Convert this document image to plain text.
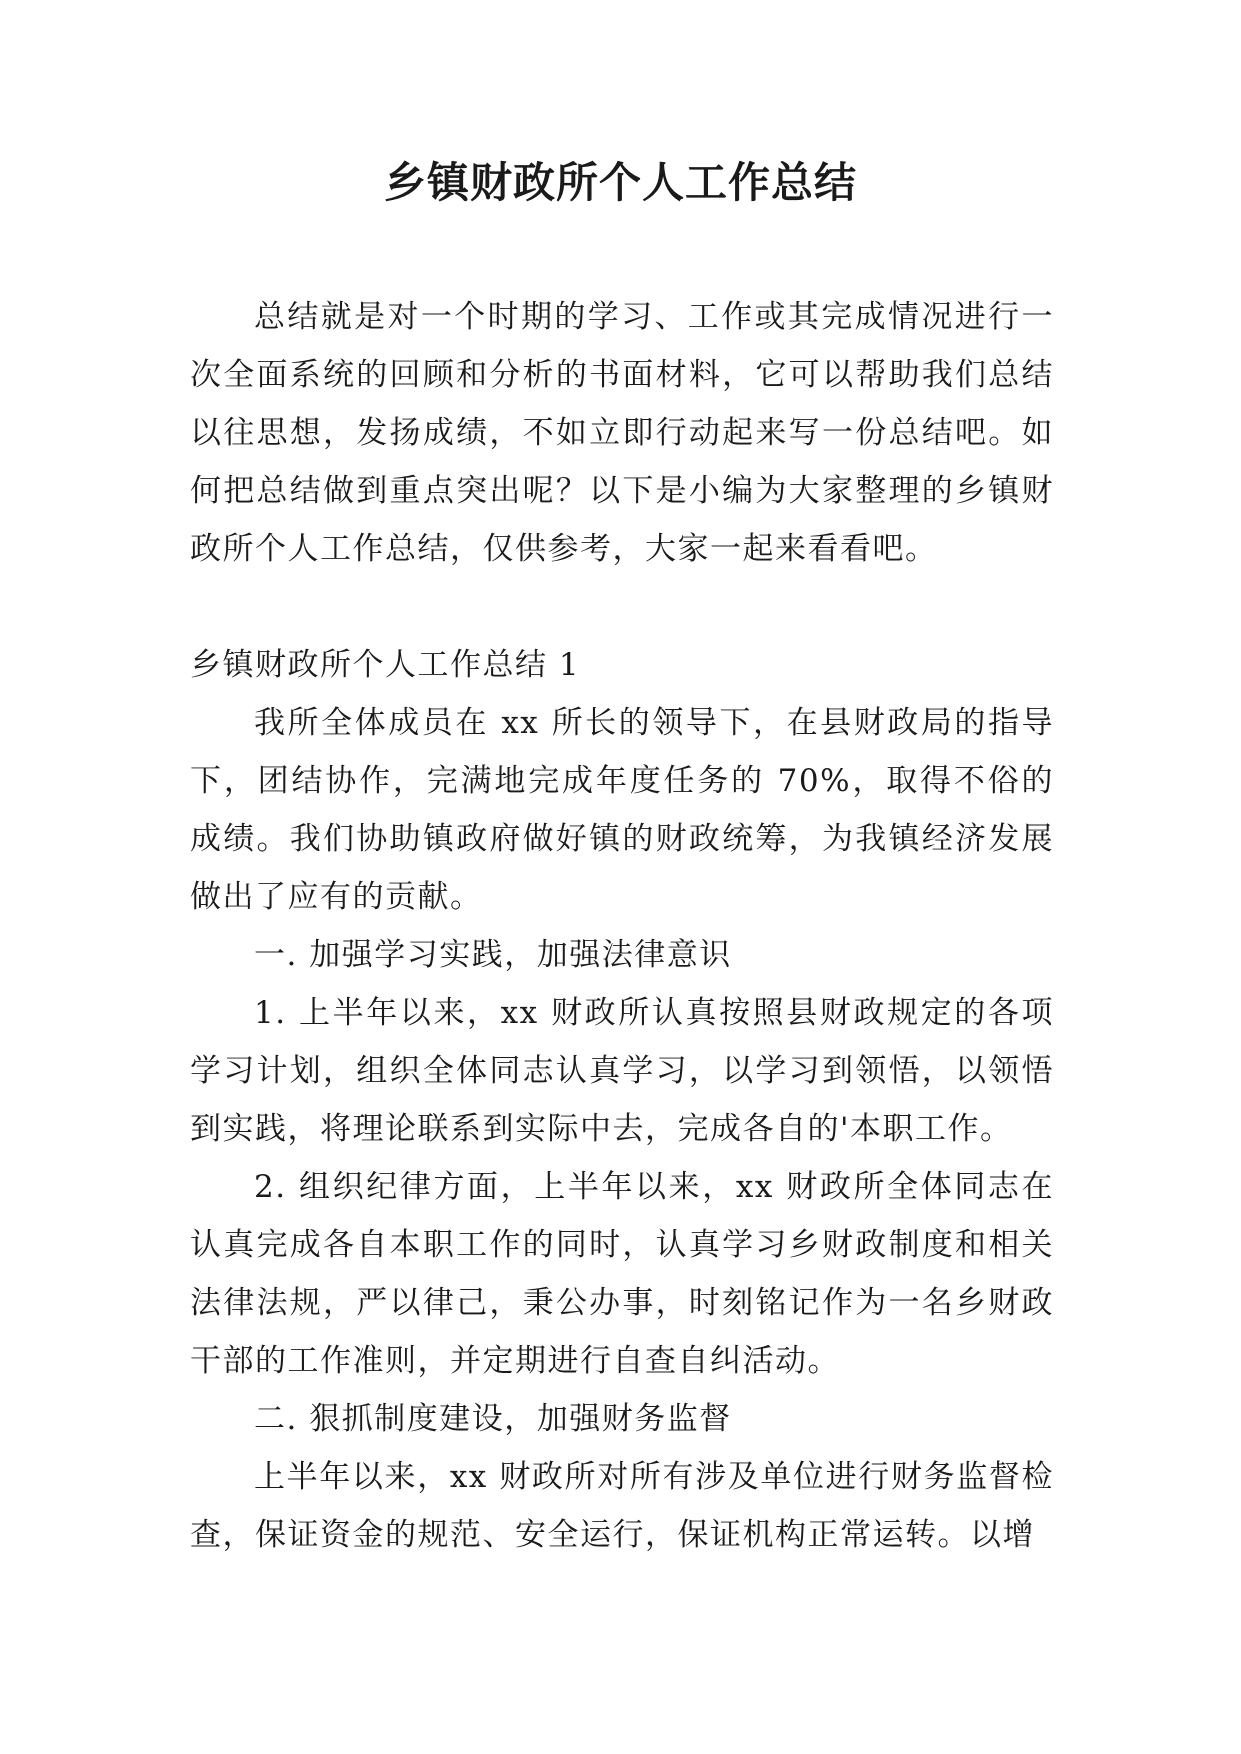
乡镇财政所个人工作总结

总结就是对一个时期的学习、工作或其完成情况进行一次全面系统的回顾和分析的书面材料，它可以帮助我们总结以往思想，发扬成绩，不如立即行动起来写一份总结吧。如何把总结做到重点突出呢？以下是小编为大家整理的乡镇财政所个人工作总结，仅供参考，大家一起来看看吧。

乡镇财政所个人工作总结 1

我所全体成员在 xx 所长的领导下，在县财政局的指导下，团结协作，完满地完成年度任务的 70%，取得不俗的成绩。我们协助镇政府做好镇的财政统筹，为我镇经济发展做出了应有的贡献。

一. 加强学习实践，加强法律意识

1. 上半年以来，xx 财政所认真按照县财政规定的各项学习计划，组织全体同志认真学习，以学习到领悟，以领悟到实践，将理论联系到实际中去，完成各自的'本职工作。

2. 组织纪律方面，上半年以来，xx 财政所全体同志在认真完成各自本职工作的同时，认真学习乡财政制度和相关法律法规，严以律己，秉公办事，时刻铭记作为一名乡财政干部的工作准则，并定期进行自查自纠活动。

二. 狠抓制度建设，加强财务监督

上半年以来，xx 财政所对所有涉及单位进行财务监督检查，保证资金的规范、安全运行，保证机构正常运转。以增
